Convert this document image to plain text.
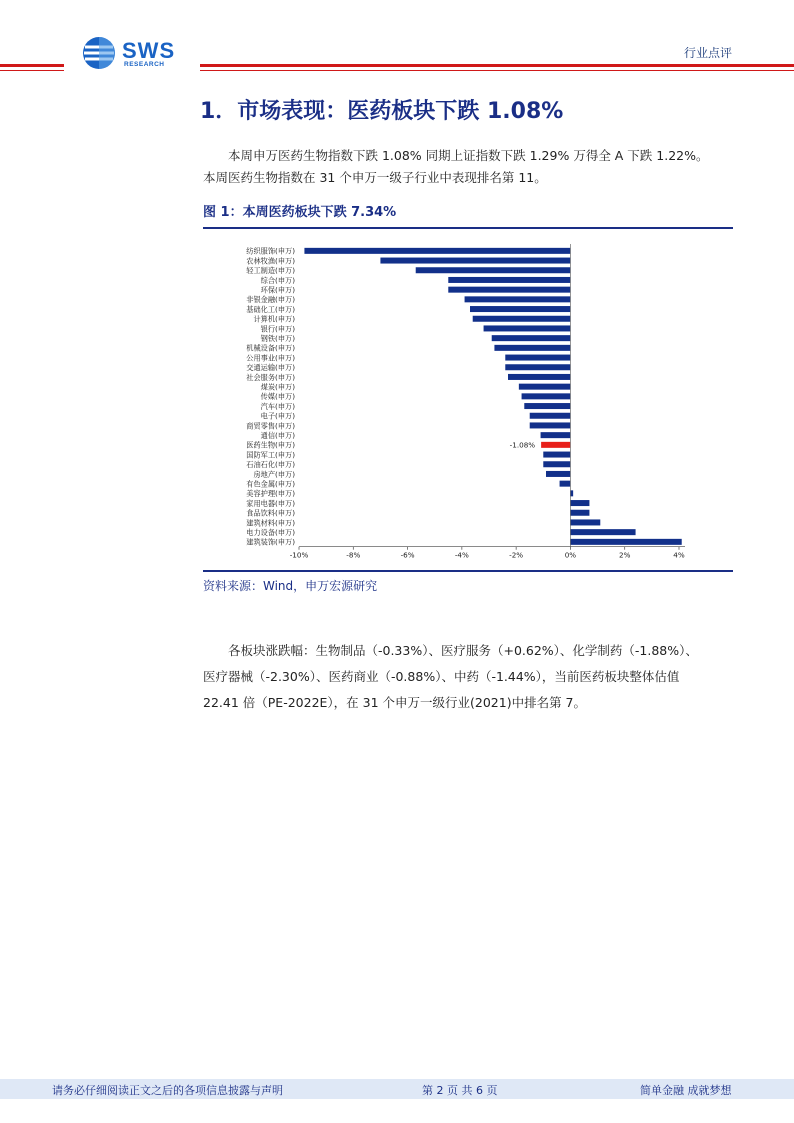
SWS
RESEARCH
行业点评
1．市场表现：医药板块下跌 1.08%

本周申万医药生物指数下跌 1.08% 同期上证指数下跌 1.29% 万得全 A 下跌 1.22%。
本周医药生物指数在 31 个申万一级子行业中表现排名第 11。

图 1：本周医药板块下跌 7.34%
纺织服饰(申万)
农林牧渔(申万)
轻工制造(申万)
综合(申万)
环保(申万)
非银金融(申万)
基础化工(申万)
计算机(申万)
银行(申万)
钢铁(申万)
机械设备(申万)
公用事业(申万)
交通运输(申万)
社会服务(申万)
煤炭(申万)
传媒(申万)
汽车(申万)
电子(申万)
商贸零售(申万)
通信(申万)
医药生物(申万)
国防军工(申万)
石油石化(申万)
房地产(申万)
有色金属(申万)
美容护理(申万)
家用电器(申万)
食品饮料(申万)
建筑材料(申万)
电力设备(申万)
建筑装饰(申万)
-1.08%
-10%	-8%	-6%	-4%	-2%	0%	2%	4%
资料来源：Wind，申万宏源研究

各板块涨跌幅：生物制品（-0.33%）、医疗服务（+0.62%）、化学制药（-1.88%）、
医疗器械（-2.30%）、医药商业（-0.88%）、中药（-1.44%），当前医药板块整体估值
22.41 倍（PE-2022E），在 31 个申万一级行业(2021)中排名第 7。

请务必仔细阅读正文之后的各项信息披露与声明	第 2 页 共 6 页	简单金融 成就梦想
